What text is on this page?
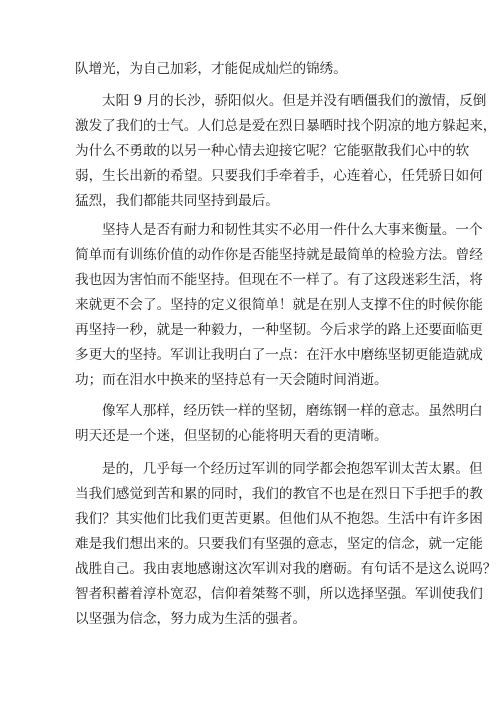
队增光，为自己加彩，才能促成灿烂的锦绣。
太阳 9 月的长沙，骄阳似火。但是并没有晒僵我们的激情，反倒
激发了我们的士气。人们总是爱在烈日暴晒时找个阴凉的地方躲起来，
为什么不勇敢的以另一种心情去迎接它呢？它能驱散我们心中的软
弱，生长出新的希望。只要我们手牵着手，心连着心，任凭骄日如何
猛烈，我们都能共同坚持到最后。
坚持人是否有耐力和韧性其实不必用一件什么大事来衡量。一个
简单而有训练价值的动作你是否能坚持就是最简单的检验方法。曾经
我也因为害怕而不能坚持。但现在不一样了。有了这段迷彩生活，将
来就更不会了。坚持的定义很简单！就是在别人支撑不住的时候你能
再坚持一秒，就是一种毅力，一种坚韧。今后求学的路上还要面临更
多更大的坚持。军训让我明白了一点：在汗水中磨练坚韧更能造就成
功；而在泪水中换来的坚持总有一天会随时间消逝。
像军人那样，经历铁一样的坚韧，磨练钢一样的意志。虽然明白
明天还是一个迷，但坚韧的心能将明天看的更清晰。
是的，几乎每一个经历过军训的同学都会抱怨军训太苦太累。但
当我们感觉到苦和累的同时，我们的教官不也是在烈日下手把手的教
我们？其实他们比我们更苦更累。但他们从不抱怨。生活中有许多困
难是我们想出来的。只要我们有坚强的意志，坚定的信念，就一定能
战胜自己。我由衷地感谢这次军训对我的磨砺。有句话不是这么说吗？
智者积蓄着淳朴宽忍，信仰着桀骜不驯，所以选择坚强。军训使我们
以坚强为信念，努力成为生活的强者。
